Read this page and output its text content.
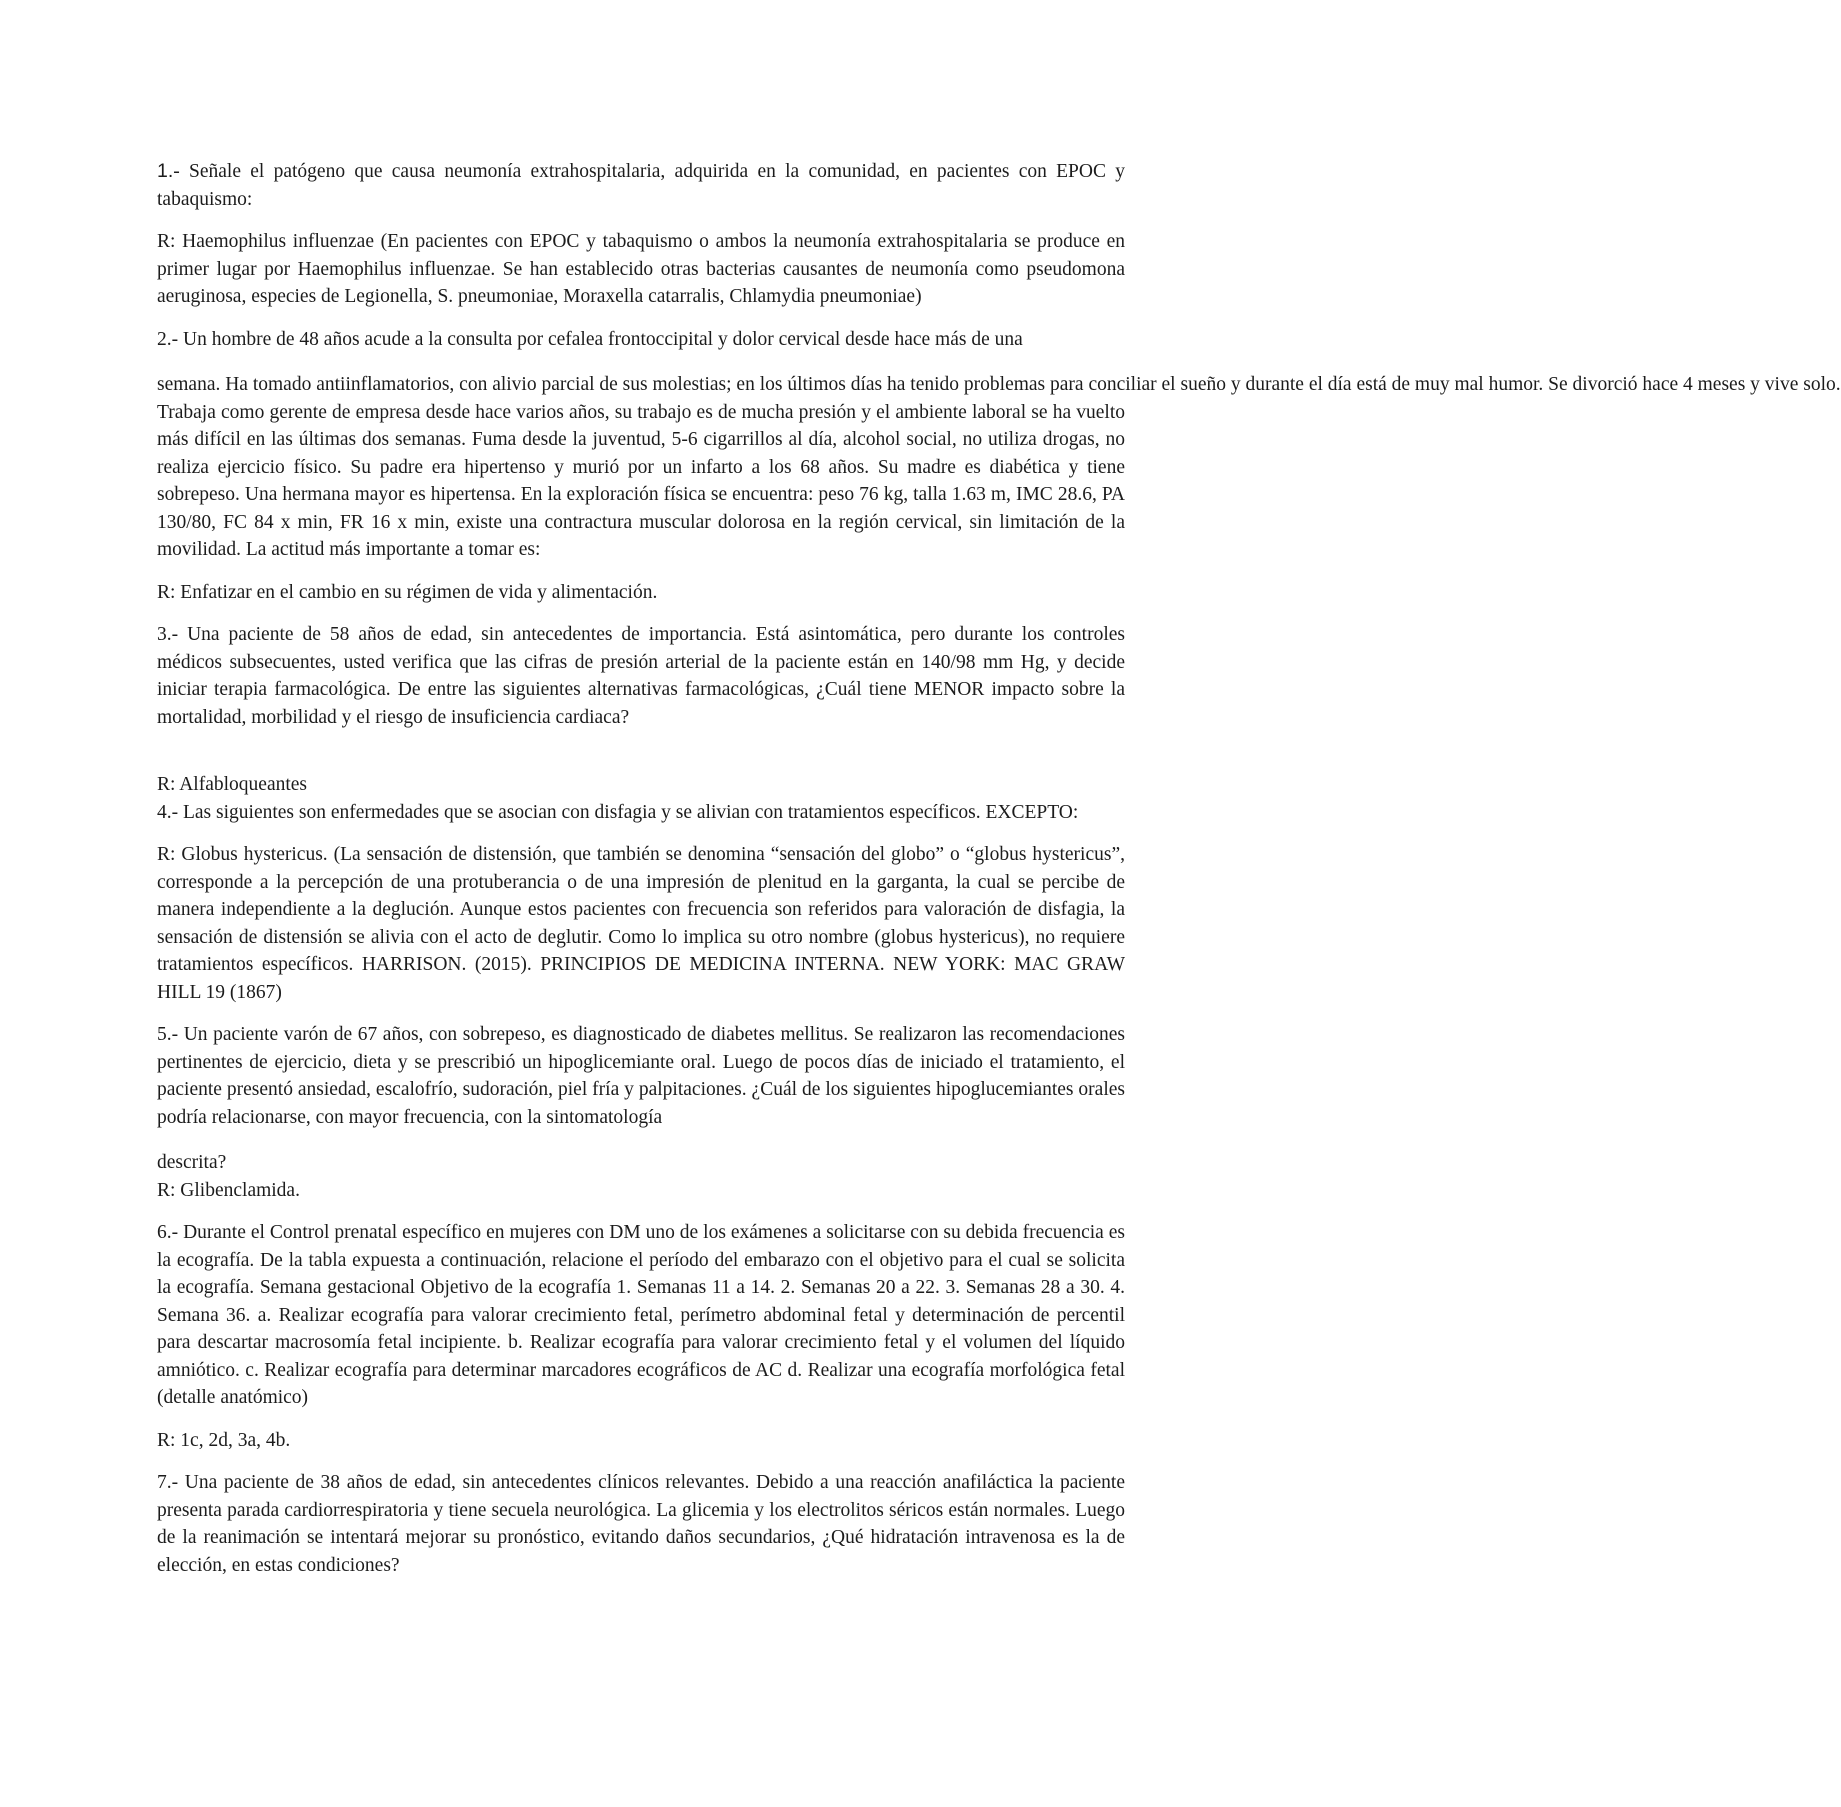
1.- Señale el patógeno que causa neumonía extrahospitalaria, adquirida en la comunidad, en pacientes con EPOC y tabaquismo:

R: Haemophilus influenzae (En pacientes con EPOC y tabaquismo o ambos la neumonía extrahospitalaria se produce en primer lugar por Haemophilus influenzae. Se han establecido otras bacterias causantes de neumonía como pseudomona aeruginosa, especies de Legionella, S. pneumoniae, Moraxella catarralis, Chlamydia pneumoniae)

2.- Un hombre de 48 años acude a la consulta por cefalea frontoccipital y dolor cervical desde hace más de una

semana. Ha tomado antiinflamatorios, con alivio parcial de sus molestias; en los últimos días ha tenido problemas para conciliar el sueño y durante el día está de muy mal humor. Se divorció hace 4 meses y vive solo.

Trabaja como gerente de empresa desde hace varios años, su trabajo es de mucha presión y el ambiente laboral se ha vuelto más difícil en las últimas dos semanas. Fuma desde la juventud, 5-6 cigarrillos al día, alcohol social, no utiliza drogas, no realiza ejercicio físico. Su padre era hipertenso y murió por un infarto a los 68 años. Su madre es diabética y tiene sobrepeso. Una hermana mayor es hipertensa. En la exploración física se encuentra: peso 76 kg, talla 1.63 m, IMC 28.6, PA 130/80, FC 84 x min, FR 16 x min, existe una contractura muscular dolorosa en la región cervical, sin limitación de la movilidad. La actitud más importante a tomar es:

R: Enfatizar en el cambio en su régimen de vida y alimentación.

3.- Una paciente de 58 años de edad, sin antecedentes de importancia. Está asintomática, pero durante los controles médicos subsecuentes, usted verifica que las cifras de presión arterial de la paciente están en 140/98 mm Hg, y decide iniciar terapia farmacológica. De entre las siguientes alternativas farmacológicas, ¿Cuál tiene MENOR impacto sobre la mortalidad, morbilidad y el riesgo de insuficiencia cardiaca?

R: Alfabloqueantes

4.- Las siguientes son enfermedades que se asocian con disfagia y se alivian con tratamientos específicos. EXCEPTO:

R: Globus hystericus. (La sensación de distensión, que también se denomina “sensación del globo” o “globus hystericus”, corresponde a la percepción de una protuberancia o de una impresión de plenitud en la garganta, la cual se percibe de manera independiente a la deglución. Aunque estos pacientes con frecuencia son referidos para valoración de disfagia, la sensación de distensión se alivia con el acto de deglutir. Como lo implica su otro nombre (globus hystericus), no requiere tratamientos específicos. HARRISON. (2015). PRINCIPIOS DE MEDICINA INTERNA. NEW YORK: MAC GRAW HILL 19 (1867)

5.- Un paciente varón de 67 años, con sobrepeso, es diagnosticado de diabetes mellitus. Se realizaron las recomendaciones pertinentes de ejercicio, dieta y se prescribió un hipoglicemiante oral. Luego de pocos días de iniciado el tratamiento, el paciente presentó ansiedad, escalofrío, sudoración, piel fría y palpitaciones. ¿Cuál de los siguientes hipoglucemiantes orales podría relacionarse, con mayor frecuencia, con la sintomatología

descrita?

R: Glibenclamida.

6.- Durante el Control prenatal específico en mujeres con DM uno de los exámenes a solicitarse con su debida frecuencia es la ecografía. De la tabla expuesta a continuación, relacione el período del embarazo con el objetivo para el cual se solicita la ecografía. Semana gestacional Objetivo de la ecografía 1. Semanas 11 a 14. 2. Semanas 20 a 22. 3. Semanas 28 a 30. 4. Semana 36. a. Realizar ecografía para valorar crecimiento fetal, perímetro abdominal fetal y determinación de percentil para descartar macrosomía fetal incipiente. b. Realizar ecografía para valorar crecimiento fetal y el volumen del líquido amniótico. c. Realizar ecografía para determinar marcadores ecográficos de AC d. Realizar una ecografía morfológica fetal (detalle anatómico)

R: 1c, 2d, 3a, 4b.

7.- Una paciente de 38 años de edad, sin antecedentes clínicos relevantes. Debido a una reacción anafiláctica la paciente presenta parada cardiorrespiratoria y tiene secuela neurológica. La glicemia y los electrolitos séricos están normales. Luego de la reanimación se intentará mejorar su pronóstico, evitando daños secundarios, ¿Qué hidratación intravenosa es la de elección, en estas condiciones?
